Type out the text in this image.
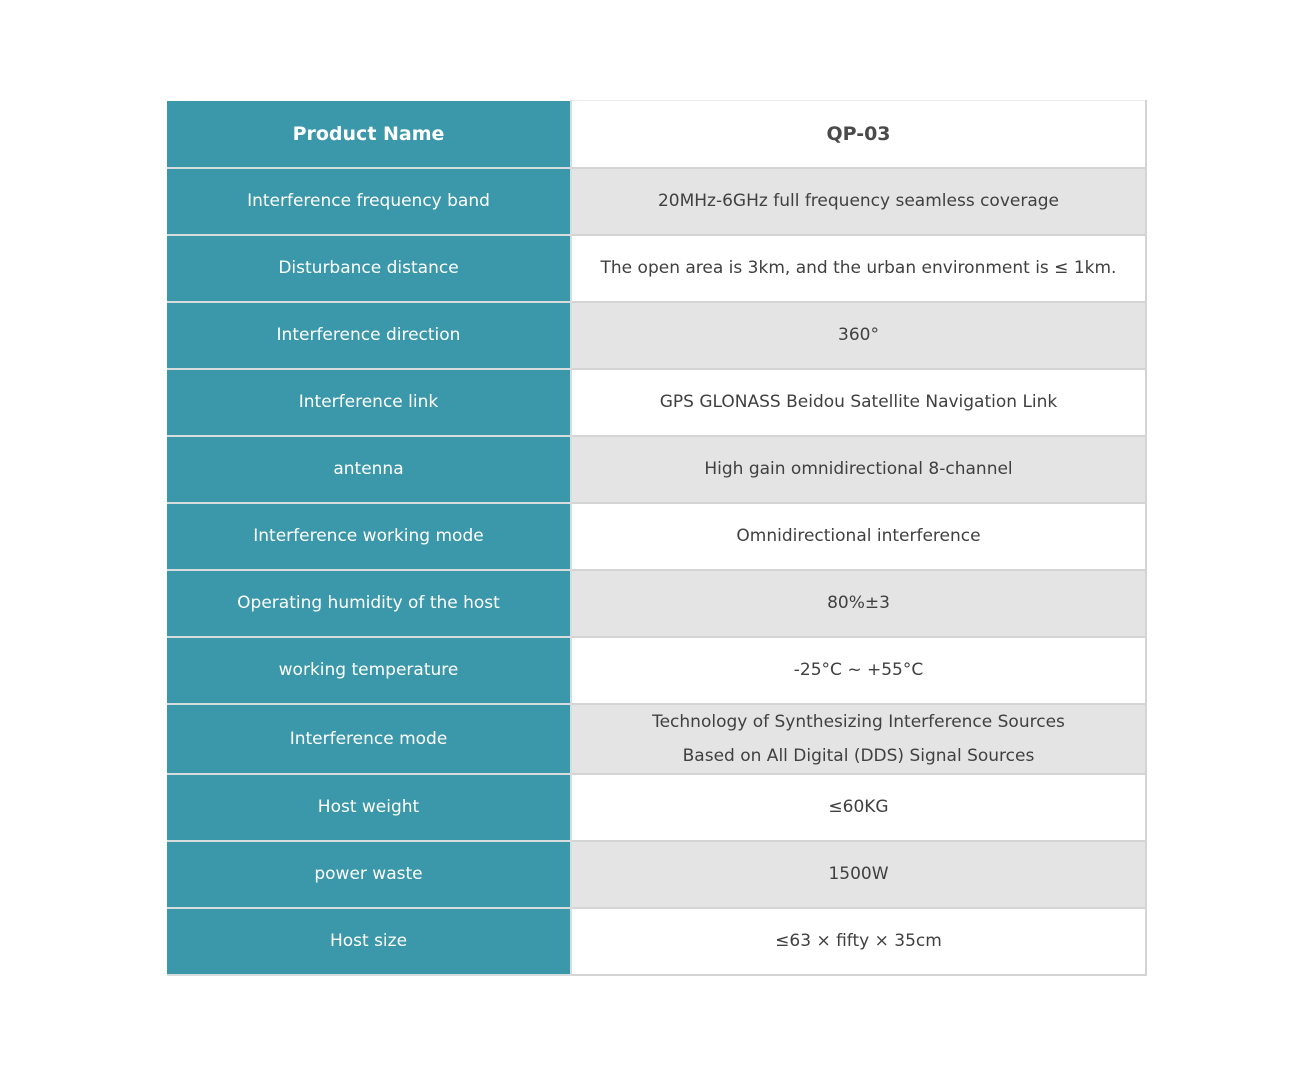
Product Name	QP-03
Interference frequency band	20MHz-6GHz full frequency seamless coverage

Disturbance distance	The open area is 3km, and the urban environment is ≤ 1km.

Interference direction	360°

Interference link	GPS GLONASS Beidou Satellite Navigation Link

antenna	High gain omnidirectional 8-channel

Interference working mode	Omnidirectional interference

Operating humidity of the host	80%±3

working temperature	-25°C ~ +55°C

Interference mode	Technology of Synthesizing Interference Sources
Based on All Digital (DDS) Signal Sources

Host weight	≤60KG

power waste	1500W

Host size	≤63 × fifty × 35cm
